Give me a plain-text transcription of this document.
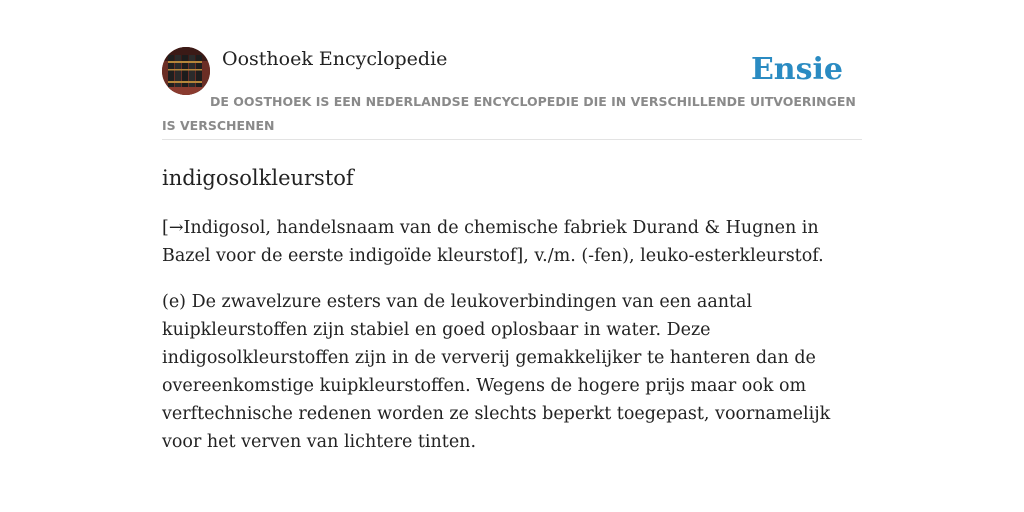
Oosthoek Encyclopedie	Ensie
DE OOSTHOEK IS EEN NEDERLANDSE ENCYCLOPEDIE DIE IN VERSCHILLENDE UITVOERINGEN IS VERSCHENEN
indigosolkleurstof

[→Indigosol, handelsnaam van de chemische fabriek Durand & Hugnen in Bazel voor de eerste indigoïde kleurstof], v./m. (-fen), leuko-esterkleurstof.

(e) De zwavelzure esters van de leukoverbindingen van een aantal kuipkleurstoffen zijn stabiel en goed oplosbaar in water. Deze indigosolkleurstoffen zijn in de ververij gemakkelijker te hanteren dan de overeenkomstige kuipkleurstoffen. Wegens de hogere prijs maar ook om verftechnische redenen worden ze slechts beperkt toegepast, voornamelijk voor het verven van lichtere tinten.
